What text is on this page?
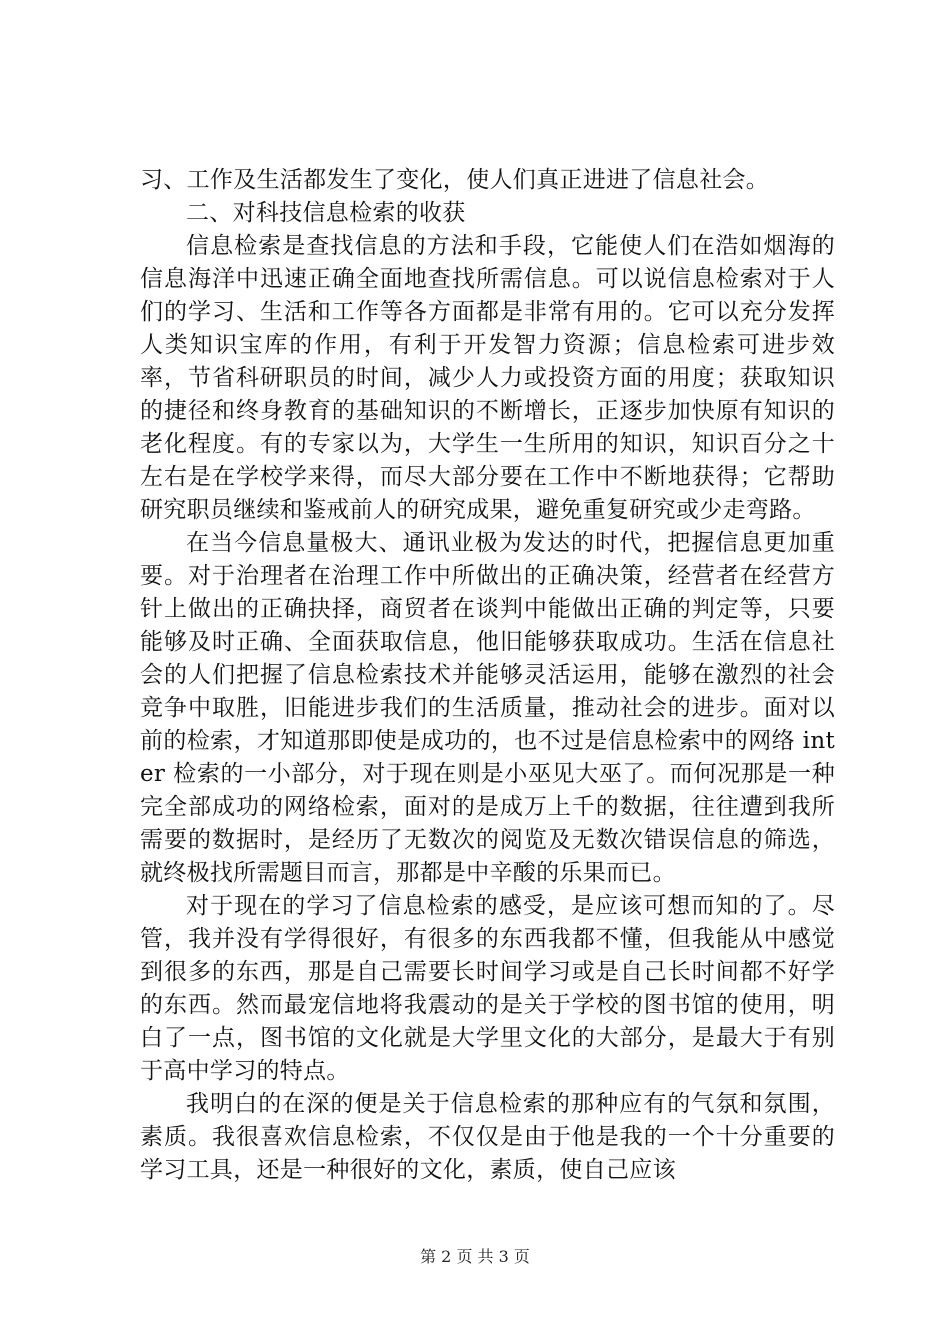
习、工作及生活都发生了变化，使人们真正进进了信息社会。

二、对科技信息检索的收获

信息检索是查找信息的方法和手段，它能使人们在浩如烟海的信息海洋中迅速正确全面地查找所需信息。可以说信息检索对于人们的学习、生活和工作等各方面都是非常有用的。它可以充分发挥人类知识宝库的作用，有利于开发智力资源；信息检索可进步效率，节省科研职员的时间，减少人力或投资方面的用度；获取知识的捷径和终身教育的基础知识的不断增长，正逐步加快原有知识的老化程度。有的专家以为，大学生一生所用的知识，知识百分之十左右是在学校学来得，而尽大部分要在工作中不断地获得；它帮助研究职员继续和鉴戒前人的研究成果，避免重复研究或少走弯路。

在当今信息量极大、通讯业极为发达的时代，把握信息更加重要。对于治理者在治理工作中所做出的正确决策，经营者在经营方针上做出的正确抉择，商贸者在谈判中能做出正确的判定等，只要能够及时正确、全面获取信息，他旧能够获取成功。生活在信息社会的人们把握了信息检索技术并能够灵活运用，能够在激烈的社会竞争中取胜，旧能进步我们的生活质量，推动社会的进步。面对以前的检索，才知道那即使是成功的，也不过是信息检索中的网络 inter 检索的一小部分，对于现在则是小巫见大巫了。而何况那是一种完全部成功的网络检索，面对的是成万上千的数据，往往遭到我所需要的数据时，是经历了无数次的阅览及无数次错误信息的筛选，就终极找所需题目而言，那都是中辛酸的乐果而已。

对于现在的学习了信息检索的感受，是应该可想而知的了。尽管，我并没有学得很好，有很多的东西我都不懂，但我能从中感觉到很多的东西，那是自己需要长时间学习或是自己长时间都不好学的东西。然而最宠信地将我震动的是关于学校的图书馆的使用，明白了一点，图书馆的文化就是大学里文化的大部分，是最大于有别于高中学习的特点。

我明白的在深的便是关于信息检索的那种应有的气氛和氛围，素质。我很喜欢信息检索，不仅仅是由于他是我的一个十分重要的学习工具，还是一种很好的文化，素质，使自己应该

第 2 页 共 3 页
